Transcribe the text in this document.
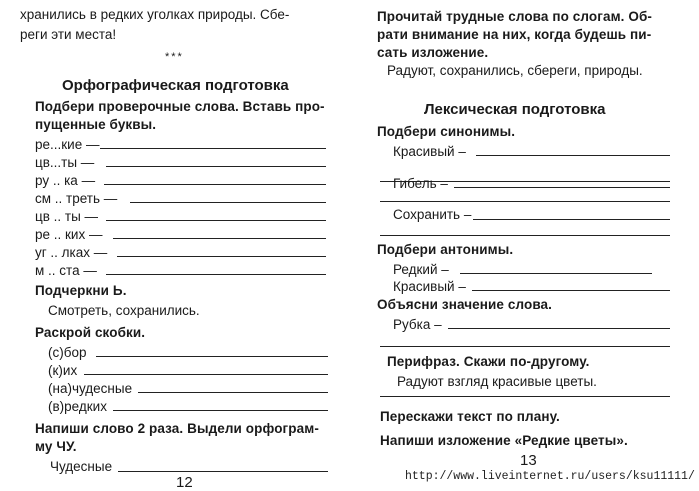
хранились в редких уголках природы. Сбе-
реги эти места!
***
Орфографическая подготовка
Подбери проверочные слова. Вставь про-
пущенные буквы.
ре...кие —
цв...ты —
ру .. ка —
см .. треть —
цв .. ты —
ре .. ких —
уг .. лках —
м .. ста —
Подчеркни Ь.
Смотреть, сохранились.
Раскрой скобки.
(с)бор
(к)их
(на)чудесные
(в)редких
Напиши слово 2 раза. Выдели орфограм-
му ЧУ.
Чудесные
12
Прочитай трудные слова по слогам. Об-
рати внимание на них, когда будешь пи-
сать изложение.
Радуют, сохранились, сбереги, природы.
Лексическая подготовка
Подбери синонимы.
Красивый –
Гибель –
Сохранить –
Подбери антонимы.
Редкий –
Красивый –
Объясни значение слова.
Рубка –
Перифраз. Скажи по-другому.
Радуют взгляд красивые цветы.
Перескажи текст по плану.
Напиши изложение «Редкие цветы».
13
http://www.liveinternet.ru/users/ksu11111/
